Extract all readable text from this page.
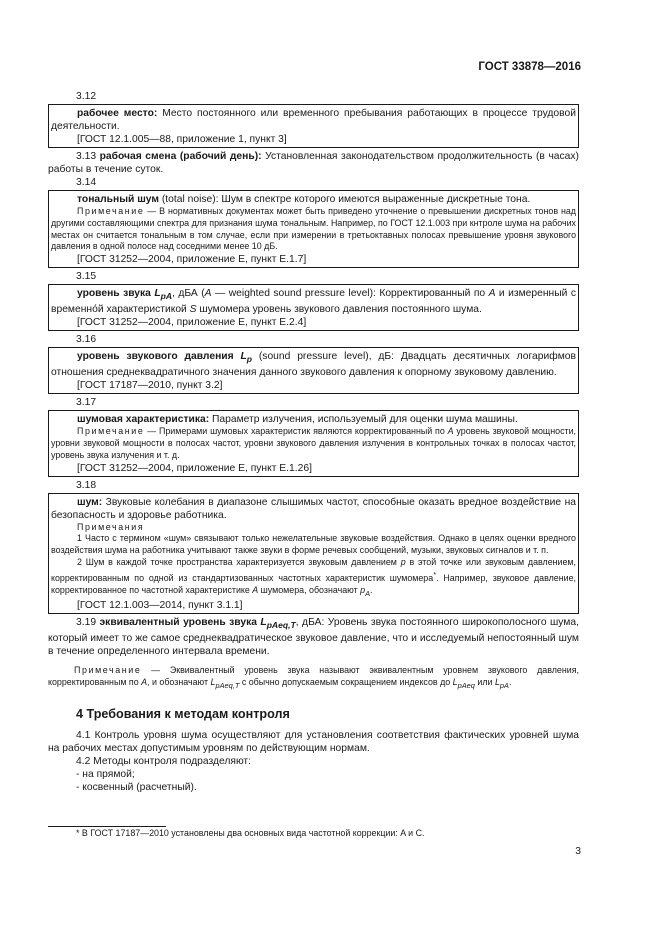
ГОСТ 33878—2016

3.12

рабочее место: Место постоянного или временного пребывания работающих в процессе трудовой деятельности.

[ГОСТ 12.1.005—88, приложение 1, пункт 3]

3.13 рабочая смена (рабочий день): Установленная законодательством продолжительность (в часах) работы в течение суток.

3.14

тональный шум (total noise): Шум в спектре которого имеются выраженные дискретные тона.

Примечание — В нормативных документах может быть приведено уточнение о превышении дискретных тонов над другими составляющими спектра для признания шума тональным. Например, по ГОСТ 12.1.003 при кнтроле шума на рабочих местах он считается тональным в том случае, если при измерении в третьоктавных полосах превышение уровня звукового давления в одной полосе над соседними менее 10 дБ.

[ГОСТ 31252—2004, приложение Е, пункт Е.1.7]

3.15

уровень звука $L_{pA}$, дБА (A — weighted sound pressure level): Корректированный по A и измеренный с временно́й характеристикой S шумомера уровень звукового давления постоянного шума.

[ГОСТ 31252—2004, приложение Е, пункт Е.2.4]

3.16

уровень звукового давления $L_p$ (sound pressure level), дБ: Двадцать десятичных логарифмов отношения среднеквадратичного значения данного звукового давления к опорному звуковому давлению.

[ГОСТ 17187—2010, пункт 3.2]

3.17

шумовая характеристика: Параметр излучения, используемый для оценки шума машины.

Примечание — Примерами шумовых характеристик являются корректированный по A уровень звуковой мощности, уровни звуковой мощности в полосах частот, уровни звукового давления излучения в контрольных точках в полосах частот, уровень звука излучения и т. д.

[ГОСТ 31252—2004, приложение Е, пункт Е.1.26]

3.18

шум: Звуковые колебания в диапазоне слышимых частот, способные оказать вредное воздействие на безопасность и здоровье работника.

Примечания

1 Часто с термином «шум» связывают только нежелательные звуковые воздействия. Однако в целях оценки вредного воздействия шума на работника учитывают также звуки в форме речевых сообщений, музыки, звуковых сигналов и т. п.

2 Шум в каждой точке пространства характеризуется звуковым давлением p в этой точке или звуковым давлением, корректированным по одной из стандартизованных частотных характеристик шумомера*. Например, звуковое давление, корректированное по частотной характеристике A шумомера, обозначают $p_A$.

[ГОСТ 12.1.003—2014, пункт 3.1.1]

3.19 эквивалентный уровень звука $L_{pAeq,T}$, дБА: Уровень звука постоянного широкополосного шума, который имеет то же самое среднеквадратическое звуковое давление, что и исследуемый непостоянный шум в течение определенного интервала времени.

Примечание — Эквивалентный уровень звука называют эквивалентным уровнем звукового давления, корректированным по A, и обозначают $L_{pAeq,T}$ с обычно допускаемым сокращением индексов до $L_{pAeq}$ или $L_{pA}$.

4 Требования к методам контроля

4.1 Контроль уровня шума осуществляют для установления соответствия фактических уровней шума на рабочих местах допустимым уровням по действующим нормам.

4.2 Методы контроля подразделяют:

- на прямой;

- косвенный (расчетный).

* В ГОСТ 17187—2010 установлены два основных вида частотной коррекции: A и C.
3
